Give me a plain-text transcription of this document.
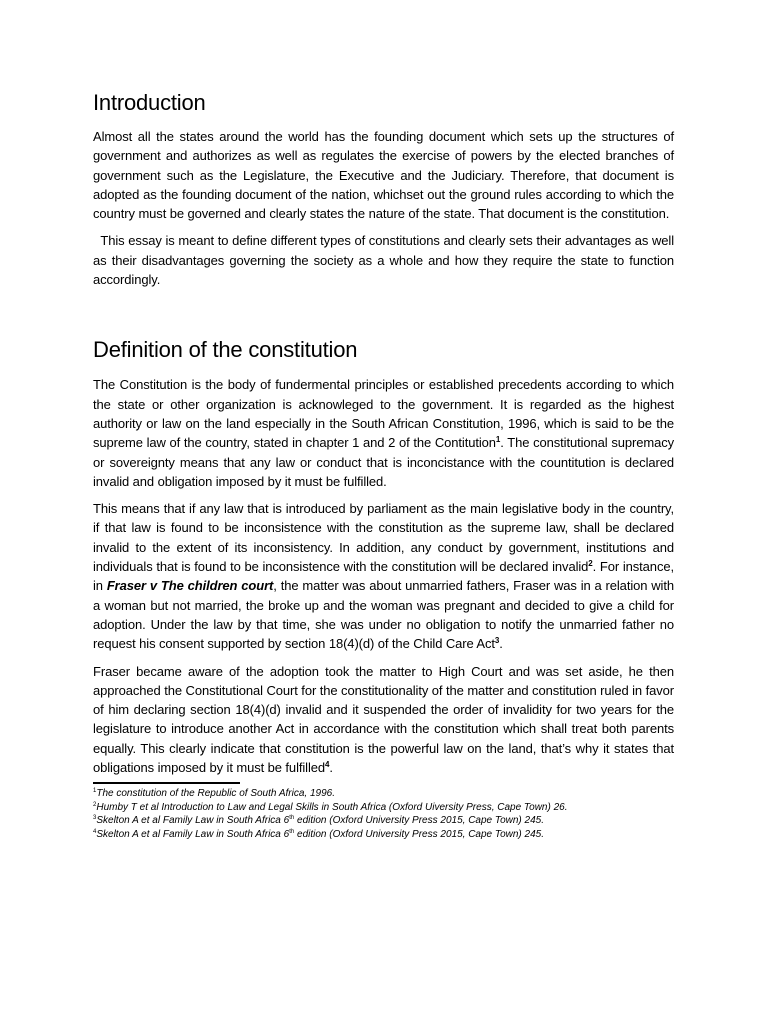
Introduction

Almost all the states around the world has the founding document which sets up the structures of government and authorizes as well as regulates the exercise of powers by the elected branches of government such as the Legislature, the Executive and the Judiciary. Therefore, that document is adopted as the founding document of the nation, whichset out the ground rules according to which the country must be governed and clearly states the nature of the state. That document is the constitution.

This essay is meant to define different types of constitutions and clearly sets their advantages as well as their disadvantages governing the society as a whole and how they require the state to function accordingly.

Definition of the constitution

The Constitution is the body of fundermental principles or established precedents according to which the state or other organization is acknowleged to the government. It is regarded as the highest authority or law on the land especially in the South African Constitution, 1996, which is said to be the supreme law of the country, stated in chapter 1 and 2 of the Contitution$^1$. The constitutional supremacy or sovereignty means that any law or conduct that is inconcistance with the countitution is declared invalid and obligation imposed by it must be fulfilled.

This means that if any law that is introduced by parliament as the main legislative body in the country, if that law is found to be inconsistence with the constitution as the supreme law, shall be declared invalid to the extent of its inconsistency. In addition, any conduct by government, institutions and individuals that is found to be inconsistence with the constitution will be declared invalid$^2$. For instance, in Fraser v The children court, the matter was about unmarried fathers, Fraser was in a relation with a woman but not married, the broke up and the woman was pregnant and decided to give a child for adoption. Under the law by that time, she was under no obligation to notify the unmarried father no request his consent supported by section 18(4)(d) of the Child Care Act$^3$.

Fraser became aware of the adoption took the matter to High Court and was set aside, he then approached the Constitutional Court for the constitutionality of the matter and constitution ruled in favor of him declaring section 18(4)(d) invalid and it suspended the order of invalidity for two years for the legislature to introduce another Act in accordance with the constitution which shall treat both parents equally. This clearly indicate that constitution is the powerful law on the land, that’s why it states that obligations imposed by it must be fulfilled$^4$.

$^1$The constitution of the Republic of South Africa, 1996.
$^2$Humby T et al Introduction to Law and Legal Skills in South Africa (Oxford Uiversity Press, Cape Town) 26.
$^3$Skelton A et al Family Law in South Africa 6th edition (Oxford University Press 2015, Cape Town) 245.
$^4$Skelton A et al Family Law in South Africa 6th edition (Oxford University Press 2015, Cape Town) 245.
